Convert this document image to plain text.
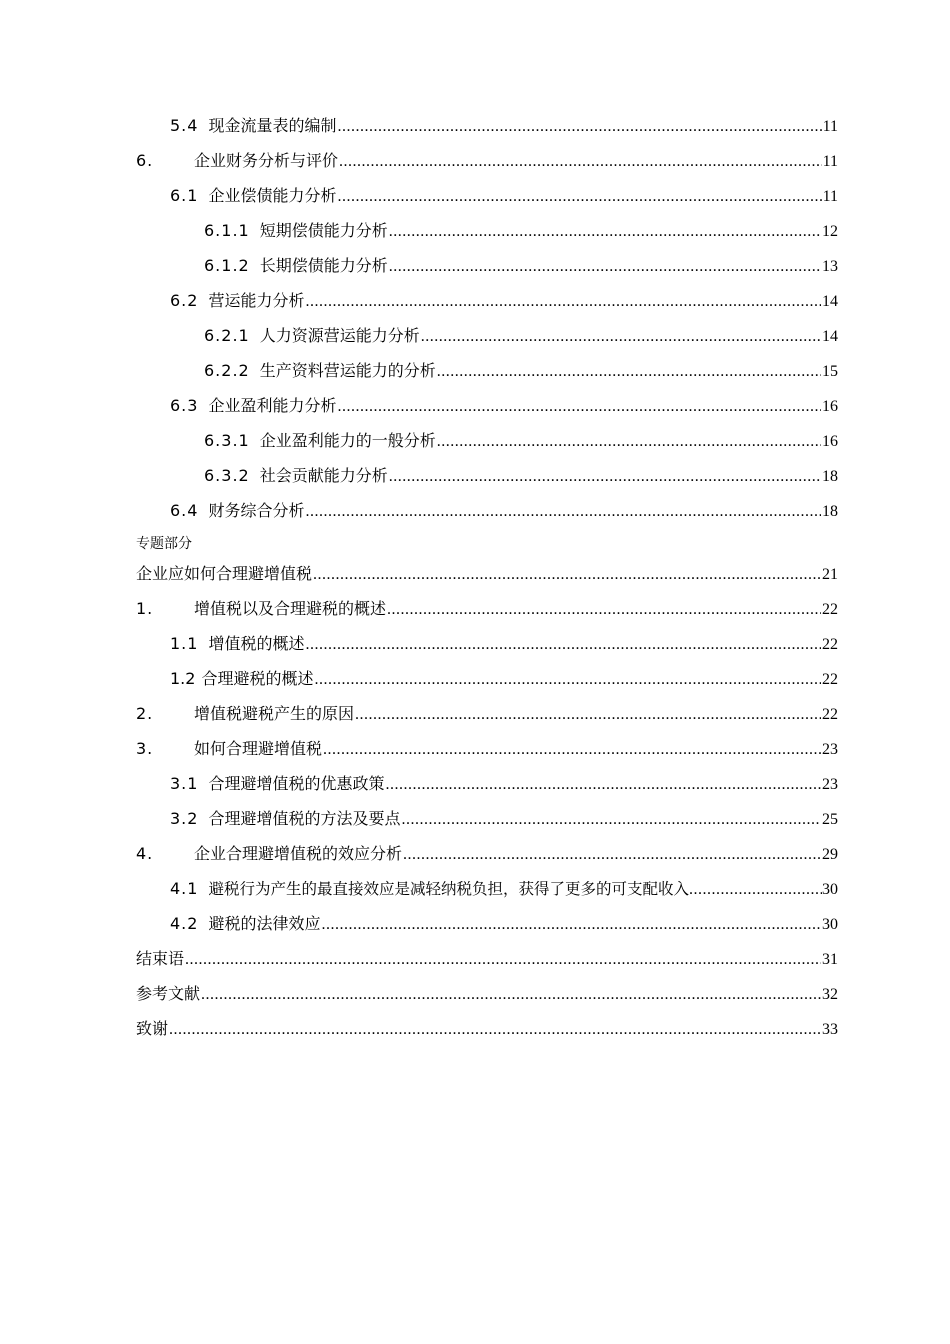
5.4 现金流量表的编制 .....	11
6.	企业财务分析与评价 .....	11
6.1 企业偿债能力分析 .....	11
6.1.1 短期偿债能力分析 .....	12
6.1.2 长期偿债能力分析 .....	13
6.2 营运能力分析 .....	14
6.2.1 人力资源营运能力分析 .....	14
6.2.2 生产资料营运能力的分析 .....	15
6.3 企业盈利能力分析 .....	16
6.3.1 企业盈利能力的一般分析 .....	16
6.3.2 社会贡献能力分析 .....	18
6.4 财务综合分析 .....	18
专题部分
企业应如何合理避增值税 .....	21
1.	增值税以及合理避税的概述 .....	22
1.1 增值税的概述 .....	22
1.2 合理避税的概述 .....	22
2.	增值税避税产生的原因 .....	22
3.	如何合理避增值税 .....	23
3.1 合理避增值税的优惠政策 .....	23
3.2 合理避增值税的方法及要点 .....	25
4.	企业合理避增值税的效应分析 .....	29
4.1 避税行为产生的最直接效应是减轻纳税负担，获得了更多的可支配收入 .....	30
4.2 避税的法律效应 .....	30
结束语 .....	31
参考文献 .....	32
致谢 .....	33
